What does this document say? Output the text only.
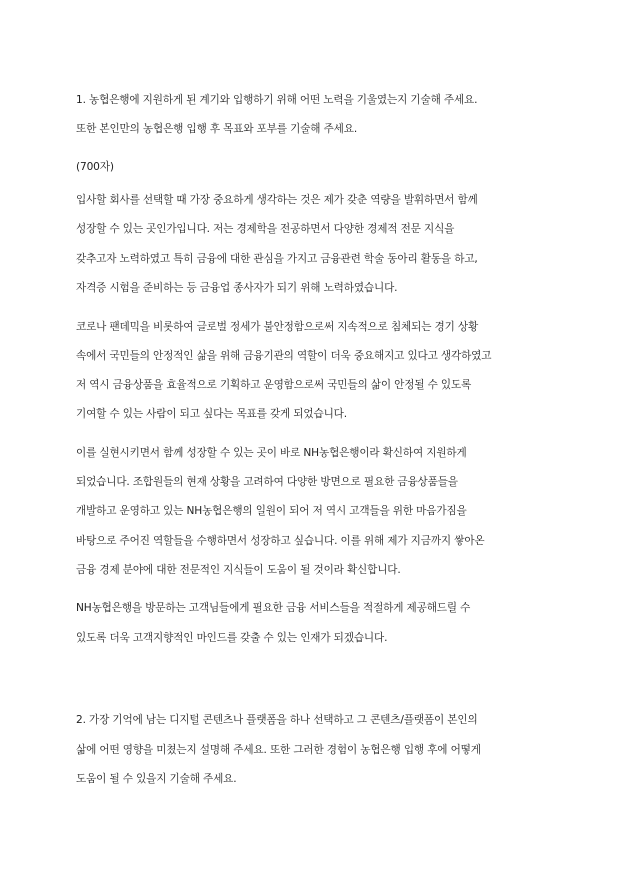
1. 농협은행에 지원하게 된 계기와 입행하기 위해 어떤 노력을 기울였는지 기술해 주세요.
또한 본인만의 농협은행 입행 후 목표와 포부를 기술해 주세요.
(700자)
입사할 회사를 선택할 때 가장 중요하게 생각하는 것은 제가 갖춘 역량을 발휘하면서 함께
성장할 수 있는 곳인가입니다. 저는 경제학을 전공하면서 다양한 경제적 전문 지식을
갖추고자 노력하였고 특히 금융에 대한 관심을 가지고 금융관련 학술 동아리 활동을 하고,
자격증 시험을 준비하는 등 금융업 종사자가 되기 위해 노력하였습니다.
코로나 팬데믹을 비롯하여 글로벌 정세가 불안정함으로써 지속적으로 침체되는 경기 상황
속에서 국민들의 안정적인 삶을 위해 금융기관의 역할이 더욱 중요해지고 있다고 생각하였고
저 역시 금융상품을 효율적으로 기획하고 운영함으로써 국민들의 삶이 안정될 수 있도록
기여할 수 있는 사람이 되고 싶다는 목표를 갖게 되었습니다.
이를 실현시키면서 함께 성장할 수 있는 곳이 바로 NH농협은행이라 확신하여 지원하게
되었습니다. 조합원들의 현재 상황을 고려하여 다양한 방면으로 필요한 금융상품들을
개발하고 운영하고 있는 NH농협은행의 일원이 되어 저 역시 고객들을 위한 마음가짐을
바탕으로 주어진 역할들을 수행하면서 성장하고 싶습니다. 이를 위해 제가 지금까지 쌓아온
금융 경제 분야에 대한 전문적인 지식들이 도움이 될 것이라 확신합니다.
NH농협은행을 방문하는 고객님들에게 필요한 금융 서비스들을 적절하게 제공해드릴 수
있도록 더욱 고객지향적인 마인드를 갖출 수 있는 인재가 되겠습니다.
2. 가장 기억에 남는 디지털 콘텐츠나 플랫폼을 하나 선택하고 그 콘텐츠/플랫폼이 본인의
삶에 어떤 영향을 미쳤는지 설명해 주세요. 또한 그러한 경험이 농협은행 입행 후에 어떻게
도움이 될 수 있을지 기술해 주세요.
